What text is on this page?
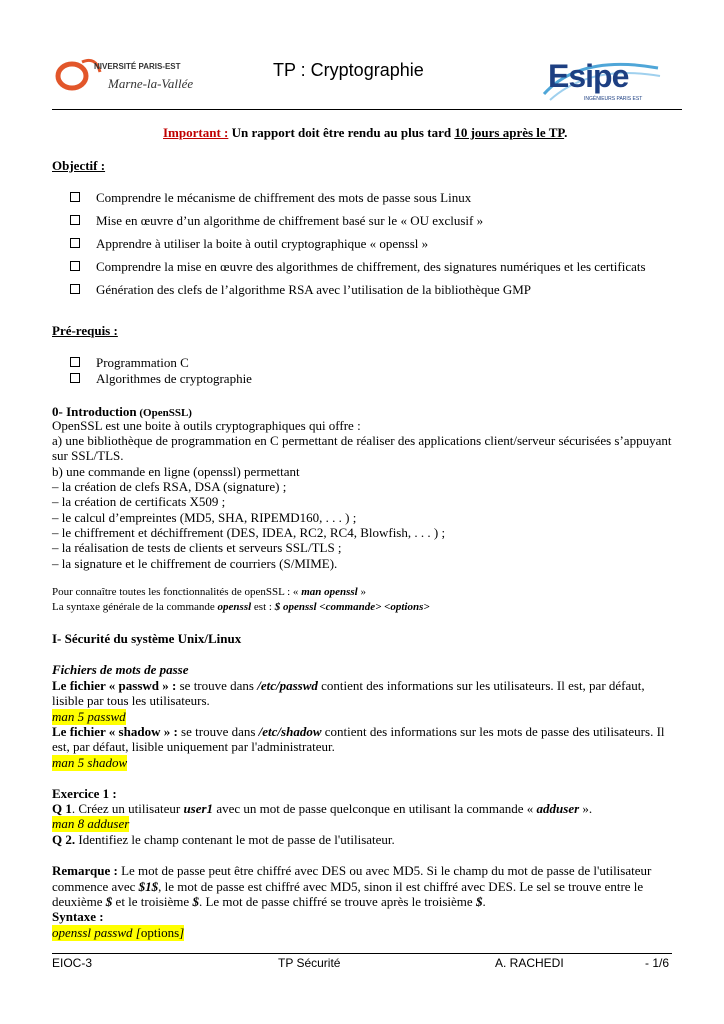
NIVERSITÉ PARIS-EST
Marne-la-Vallée
TP : Cryptographie	Esipe
INGÉNIEURS PARIS EST
Important : Un rapport doit être rendu au plus tard 10 jours après le TP.
Objectif :
Comprendre le mécanisme de chiffrement des mots de passe sous Linux
Mise en œuvre d’un algorithme de chiffrement basé sur le « OU exclusif »
Apprendre à utiliser la boite à outil cryptographique « openssl »
Comprendre la mise en œuvre des algorithmes de chiffrement, des signatures numériques et les certificats
Génération des clefs de l’algorithme RSA avec l’utilisation de la bibliothèque GMP
Pré-requis :
Programmation C
Algorithmes de cryptographie
0- Introduction (OpenSSL)
OpenSSL est une boite à outils cryptographiques qui offre :
a) une bibliothèque de programmation en C permettant de réaliser des applications client/serveur sécurisées s’appuyant
sur SSL/TLS.
b) une commande en ligne (openssl) permettant
– la création de clefs RSA, DSA (signature) ;
– la création de certificats X509 ;
– le calcul d’empreintes (MD5, SHA, RIPEMD160, . . . ) ;
– le chiffrement et déchiffrement (DES, IDEA, RC2, RC4, Blowfish, . . . ) ;
– la réalisation de tests de clients et serveurs SSL/TLS ;
– la signature et le chiffrement de courriers (S/MIME).
Pour connaître toutes les fonctionnalités de openSSL : « man openssl »
La syntaxe générale de la commande openssl est : $ openssl <commande> <options>
I- Sécurité du système Unix/Linux
Fichiers de mots de passe
Le fichier « passwd » : se trouve dans /etc/passwd contient des informations sur les utilisateurs. Il est, par défaut,
lisible par tous les utilisateurs.
man 5 passwd
Le fichier « shadow » : se trouve dans /etc/shadow contient des informations sur les mots de passe des utilisateurs. Il
est, par défaut, lisible uniquement par l'administrateur.
man 5 shadow
Exercice 1 :
Q 1. Créez un utilisateur user1 avec un mot de passe quelconque en utilisant la commande « adduser ».
man 8 adduser
Q 2. Identifiez le champ contenant le mot de passe de l'utilisateur.
Remarque : Le mot de passe peut être chiffré avec DES ou avec MD5. Si le champ du mot de passe de l'utilisateur
commence avec $1$, le mot de passe est chiffré avec MD5, sinon il est chiffré avec DES. Le sel se trouve entre le
deuxième $ et le troisième $. Le mot de passe chiffré se trouve après le troisième $.
Syntaxe :
openssl passwd [options]
EIOC-3	TP Sécurité	A. RACHEDI	- 1/6
